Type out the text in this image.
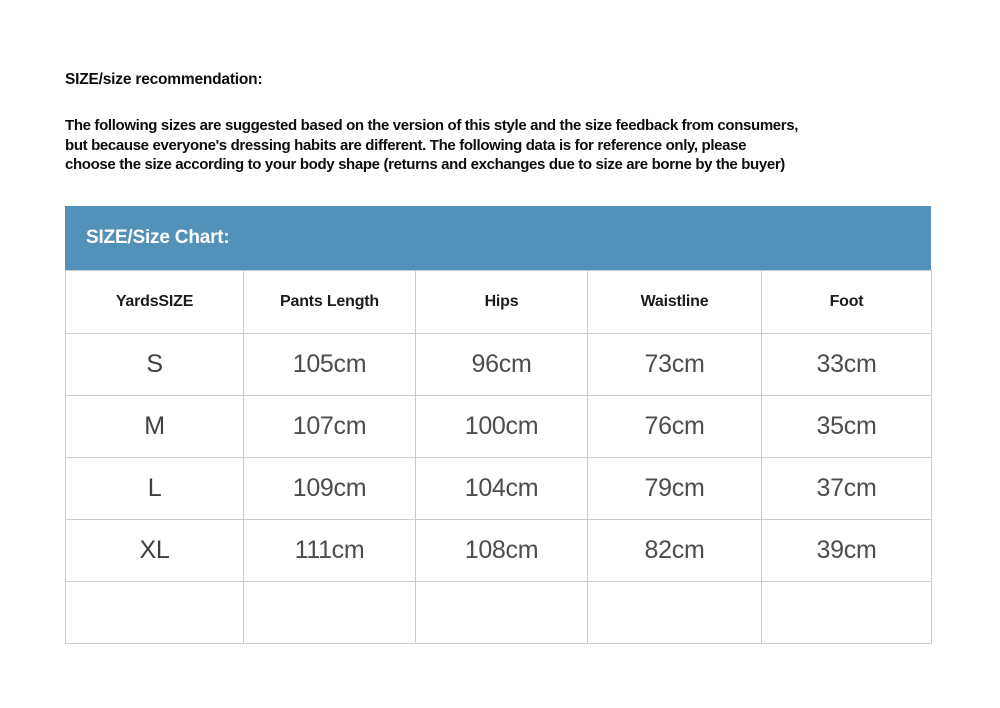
SIZE/size recommendation:
The following sizes are suggested based on the version of this style and the size feedback from consumers,
but because everyone's dressing habits are different. The following data is for reference only, please
choose the size according to your body shape (returns and exchanges due to size are borne by the buyer)
SIZE/Size Chart:
YardsSIZE	Pants Length	Hips	Waistline	Foot
S	105cm	96cm	73cm	33cm
M	107cm	100cm	76cm	35cm
L	109cm	104cm	79cm	37cm
XL	111cm	108cm	82cm	39cm
